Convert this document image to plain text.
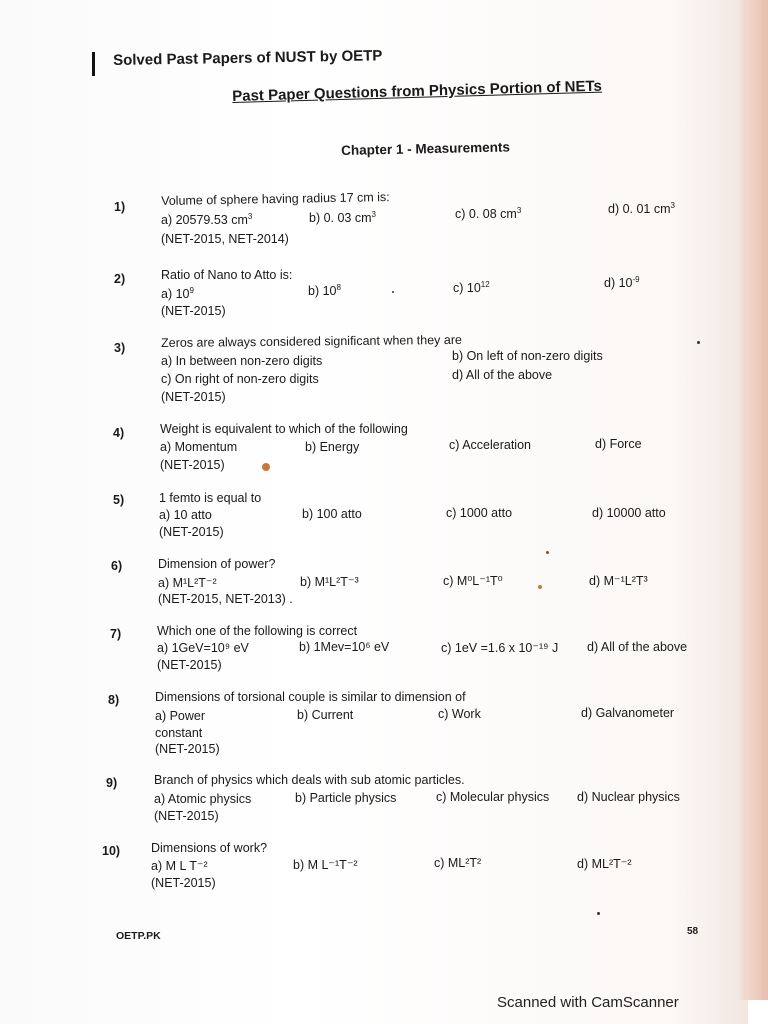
Solved Past Papers of NUST by OETP
Past Paper Questions from Physics Portion of NETs
Chapter 1 - Measurements
1)	Volume of sphere having radius 17 cm is:
a) 20579.53 $cm^3$	b) 0. 03 $cm^3$	c) 0. 08 $cm^3$	d) 0. 01 $cm^3$
(NET-2015, NET-2014)
2)	Ratio of Nano to Atto is:
a) $10^9$	b) $10^8$	c) $10^{12}$	d) $10^{-9}$
(NET-2015)
3)	Zeros are always considered significant when they are
a) In between non-zero digits	b) On left of non-zero digits
c) On right of non-zero digits	d) All of the above
(NET-2015)
4)	Weight is equivalent to which of the following
a) Momentum	b) Energy	c) Acceleration	d) Force
(NET-2015)
5)	1 femto is equal to
a) 10 atto	b) 100 atto	c) 1000 atto	d) 10000 atto
(NET-2015)
6)	Dimension of power?
a) M¹L²T⁻²	b) M¹L²T⁻³	c) M⁰L⁻¹T⁰	d) M⁻¹L²T³
(NET-2015, NET-2013) .
7)	Which one of the following is correct
a) 1GeV=10⁹ eV	b) 1Mev=10⁶ eV	c) 1eV =1.6 x 10⁻¹⁹ J d) All of the above
(NET-2015)
8)	Dimensions of torsional couple is similar to dimension of
a) Power
constant
b) Current	c) Work	d) Galvanometer
(NET-2015)
9)	Branch of physics which deals with sub atomic particles.
a) Atomic physics	b) Particle physics	c) Molecular physics d) Nuclear physics
(NET-2015)
10) Dimensions of work?
a) M L T⁻²	b) M L⁻¹T⁻²	c) ML²T²	d) ML²T⁻²
(NET-2015)
OETP.PK	58
Scanned with CamScanner
